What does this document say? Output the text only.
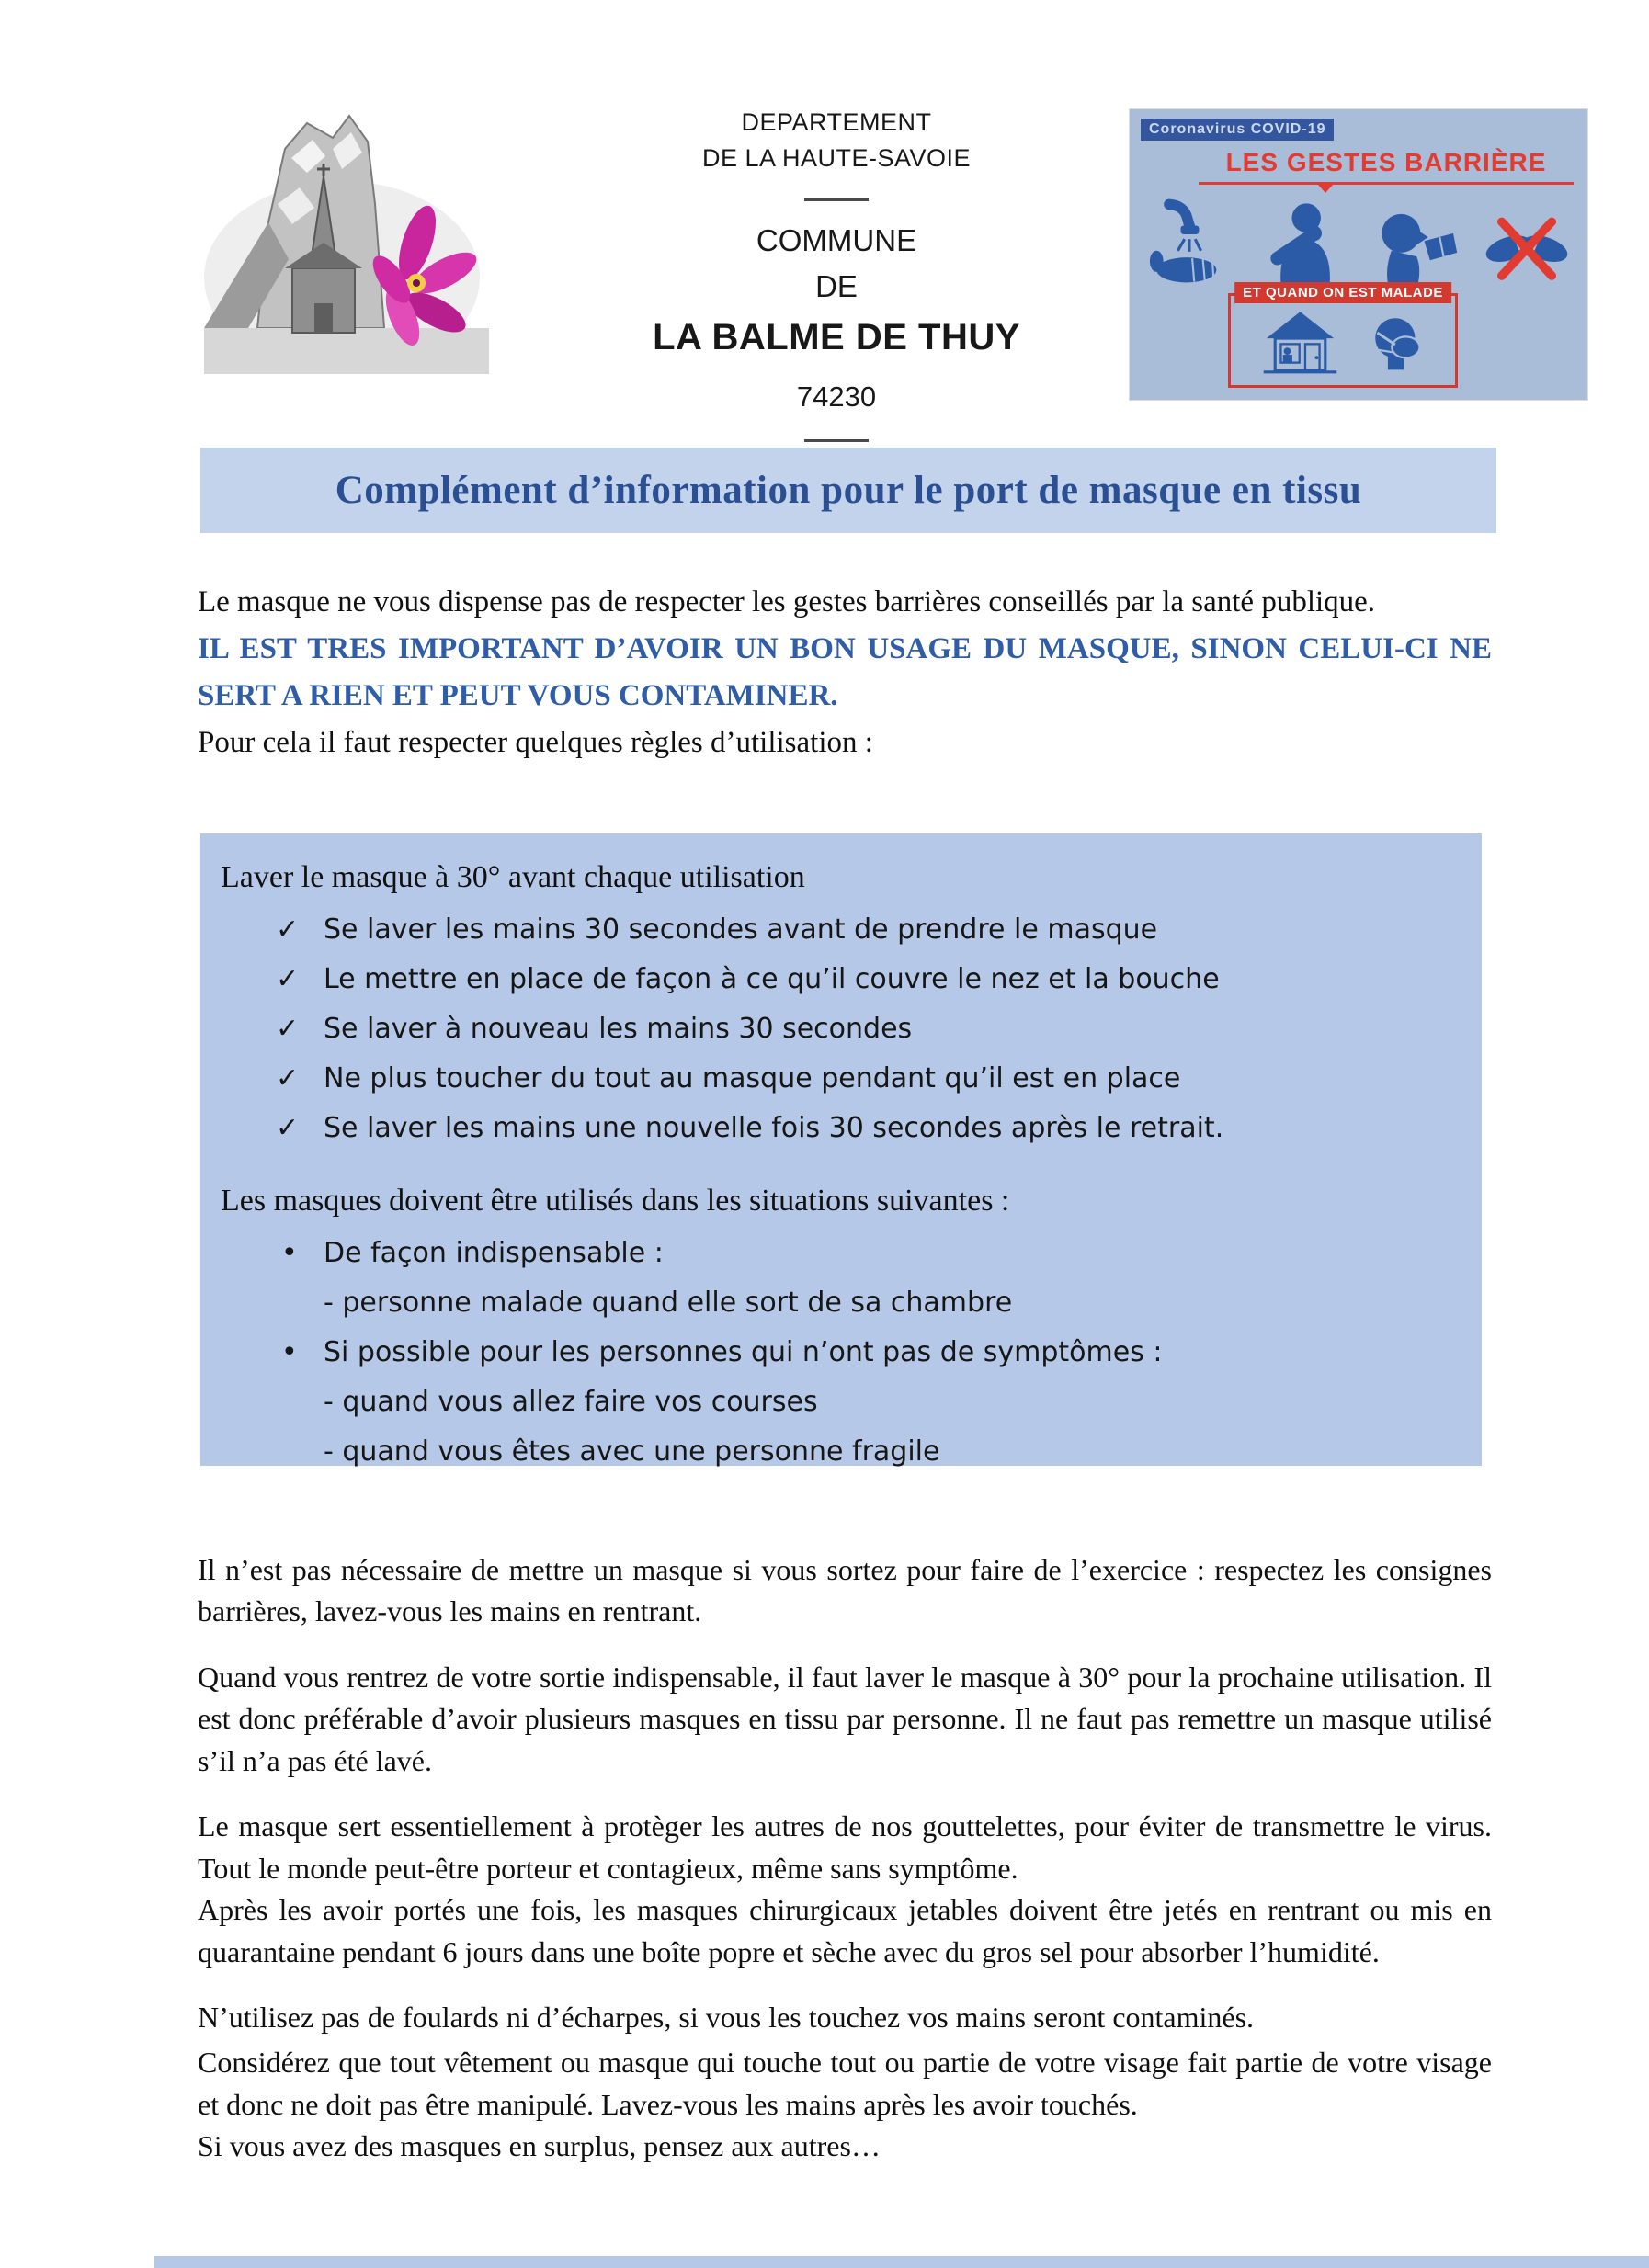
DEPARTEMENT
DE LA HAUTE-SAVOIE
COMMUNE
DE
LA BALME DE THUY
74230
Coronavirus COVID-19
LES GESTES BARRIÈRE
ET QUAND ON EST MALADE
Complément d’information pour le port de masque en tissu

Le masque ne vous dispense pas de respecter les gestes barrières conseillés par la santé publique.

IL EST TRES IMPORTANT D’AVOIR UN BON USAGE DU MASQUE, SINON CELUI-CI NE SERT A RIEN ET PEUT VOUS CONTAMINER.

Pour cela il faut respecter quelques règles d’utilisation :

Laver le masque à 30° avant chaque utilisation
✓ Se laver les mains 30 secondes avant de prendre le masque
✓ Le mettre en place de façon à ce qu’il couvre le nez et la bouche
✓ Se laver à nouveau les mains 30 secondes
✓ Ne plus toucher du tout au masque pendant qu’il est en place
✓ Se laver les mains une nouvelle fois 30 secondes après le retrait.
Les masques doivent être utilisés dans les situations suivantes :
• De façon indispensable :
- personne malade quand elle sort de sa chambre
• Si possible pour les personnes qui n’ont pas de symptômes :
- quand vous allez faire vos courses
- quand vous êtes avec une personne fragile

Il n’est pas nécessaire de mettre un masque si vous sortez pour faire de l’exercice : respectez les consignes barrières, lavez-vous les mains en rentrant.

Quand vous rentrez de votre sortie indispensable, il faut laver le masque à 30° pour la prochaine utilisation. Il est donc préférable d’avoir plusieurs masques en tissu par personne. Il ne faut pas remettre un masque utilisé s’il n’a pas été lavé.

Le masque sert essentiellement à protèger les autres de nos gouttelettes, pour éviter de transmettre le virus. Tout le monde peut-être porteur et contagieux, même sans symptôme.

Après les avoir portés une fois, les masques chirurgicaux jetables doivent être jetés en rentrant ou mis en quarantaine pendant 6 jours dans une boîte popre et sèche avec du gros sel pour absorber l’humidité.

N’utilisez pas de foulards ni d’écharpes, si vous les touchez vos mains seront contaminés.

Considérez que tout vêtement ou masque qui touche tout ou partie de votre visage fait partie de votre visage et donc ne doit pas être manipulé. Lavez-vous les mains après les avoir touchés.

Si vous avez des masques en surplus, pensez aux autres…
